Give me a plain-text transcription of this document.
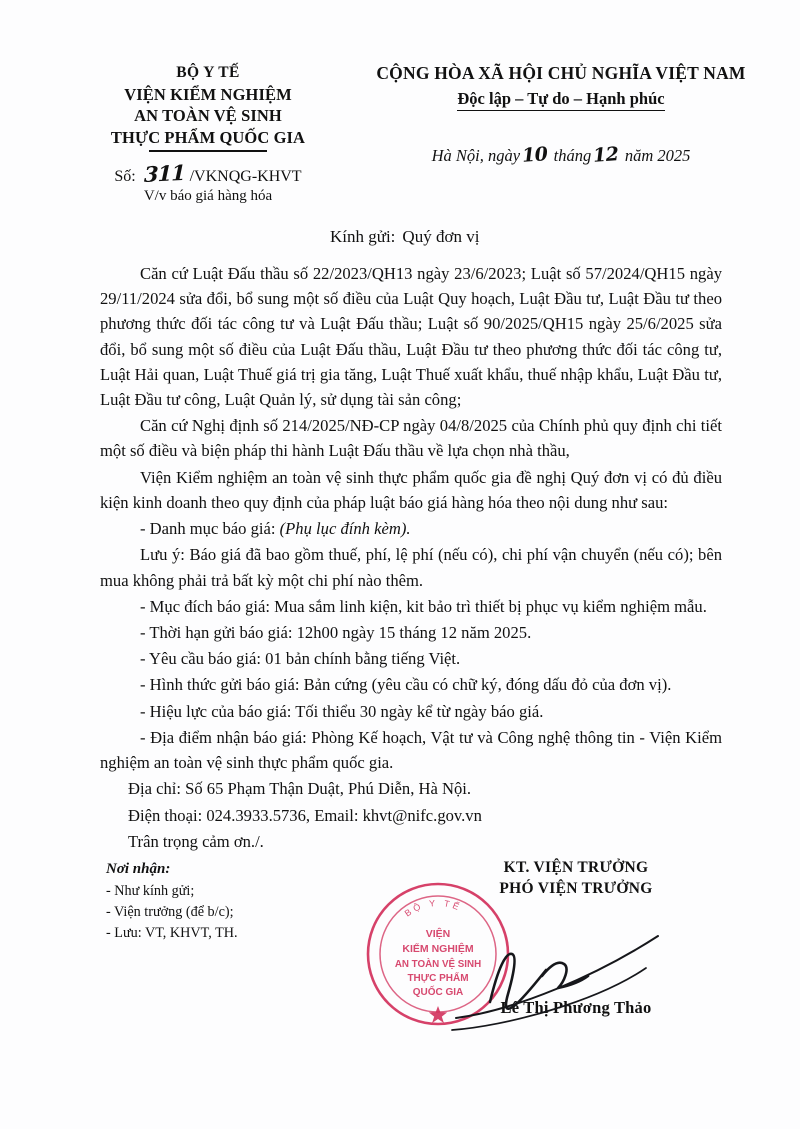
BỘ Y TẾ
VIỆN KIỂM NGHIỆM
AN TOÀN VỆ SINH
THỰC PHẨM QUỐC GIA
Số: 311 /VKNQG-KHVT
V/v báo giá hàng hóa
CỘNG HÒA XÃ HỘI CHỦ NGHĨA VIỆT NAM
Độc lập – Tự do – Hạnh phúc
Hà Nội, ngày10 tháng12 năm 2025
Kính gửi: Quý đơn vị

Căn cứ Luật Đấu thầu số 22/2023/QH13 ngày 23/6/2023; Luật số 57/2024/QH15 ngày 29/11/2024 sửa đổi, bổ sung một số điều của Luật Quy hoạch, Luật Đầu tư, Luật Đầu tư theo phương thức đối tác công tư và Luật Đấu thầu; Luật số 90/2025/QH15 ngày 25/6/2025 sửa đổi, bổ sung một số điều của Luật Đấu thầu, Luật Đầu tư theo phương thức đối tác công tư, Luật Hải quan, Luật Thuế giá trị gia tăng, Luật Thuế xuất khẩu, thuế nhập khẩu, Luật Đầu tư, Luật Đầu tư công, Luật Quản lý, sử dụng tài sản công;

Căn cứ Nghị định số 214/2025/NĐ-CP ngày 04/8/2025 của Chính phủ quy định chi tiết một số điều và biện pháp thi hành Luật Đấu thầu về lựa chọn nhà thầu,

Viện Kiểm nghiệm an toàn vệ sinh thực phẩm quốc gia đề nghị Quý đơn vị có đủ điều kiện kinh doanh theo quy định của pháp luật báo giá hàng hóa theo nội dung như sau:

- Danh mục báo giá: (Phụ lục đính kèm).

Lưu ý: Báo giá đã bao gồm thuế, phí, lệ phí (nếu có), chi phí vận chuyển (nếu có); bên mua không phải trả bất kỳ một chi phí nào thêm.

- Mục đích báo giá: Mua sắm linh kiện, kit bảo trì thiết bị phục vụ kiểm nghiệm mẫu.

- Thời hạn gửi báo giá: 12h00 ngày 15 tháng 12 năm 2025.

- Yêu cầu báo giá: 01 bản chính bằng tiếng Việt.

- Hình thức gửi báo giá: Bản cứng (yêu cầu có chữ ký, đóng dấu đỏ của đơn vị).

- Hiệu lực của báo giá: Tối thiểu 30 ngày kể từ ngày báo giá.

- Địa điểm nhận báo giá: Phòng Kế hoạch, Vật tư và Công nghệ thông tin - Viện Kiểm nghiệm an toàn vệ sinh thực phẩm quốc gia.

Địa chỉ: Số 65 Phạm Thận Duật, Phú Diễn, Hà Nội.

Điện thoại: 024.3933.5736, Email: khvt@nifc.gov.vn

Trân trọng cảm ơn./.

Nơi nhận:
- Như kính gửi;
- Viện trưởng (để b/c);
- Lưu: VT, KHVT, TH.
KT. VIỆN TRƯỞNG
PHÓ VIỆN TRƯỞNG
BỘ Y TẾ
VIỆN
KIỂM NGHIỆM
AN TOÀN VỆ SINH
THỰC PHẨM
QUỐC GIA
Lê Thị Phương Thảo
